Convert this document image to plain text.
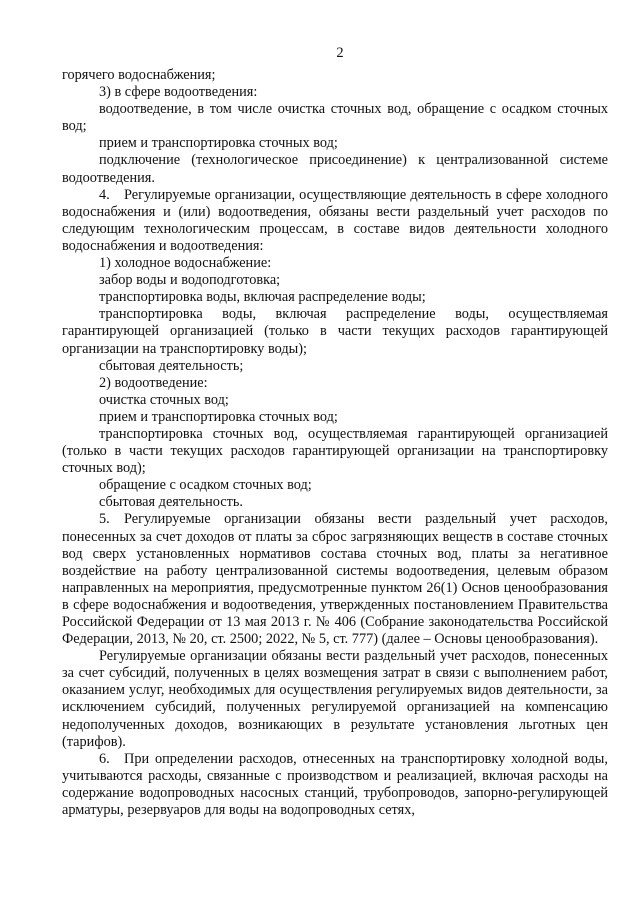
2

горячего водоснабжения;

3) в сфере водоотведения:

водоотведение, в том числе очистка сточных вод, обращение с осадком сточных вод;

прием и транспортировка сточных вод;

подключение (технологическое присоединение) к централизованной системе водоотведения.

4. Регулируемые организации, осуществляющие деятельность в сфере холодного водоснабжения и (или) водоотведения, обязаны вести раздельный учет расходов по следующим технологическим процессам, в составе видов деятельности холодного водоснабжения и водоотведения:

1) холодное водоснабжение:

забор воды и водоподготовка;

транспортировка воды, включая распределение воды;

транспортировка воды, включая распределение воды, осуществляемая гарантирующей организацией (только в части текущих расходов гарантирующей организации на транспортировку воды);

сбытовая деятельность;

2) водоотведение:

очистка сточных вод;

прием и транспортировка сточных вод;

транспортировка сточных вод, осуществляемая гарантирующей организацией (только в части текущих расходов гарантирующей организации на транспортировку сточных вод);

обращение с осадком сточных вод;

сбытовая деятельность.

5. Регулируемые организации обязаны вести раздельный учет расходов, понесенных за счет доходов от платы за сброс загрязняющих веществ в составе сточных вод сверх установленных нормативов состава сточных вод, платы за негативное воздействие на работу централизованной системы водоотведения, целевым образом направленных на мероприятия, предусмотренные пунктом 26(1) Основ ценообразования в сфере водоснабжения и водоотведения, утвержденных постановлением Правительства Российской Федерации от 13 мая 2013 г. № 406 (Собрание законодательства Российской Федерации, 2013, № 20, ст. 2500; 2022, № 5, ст. 777) (далее – Основы ценообразования).

Регулируемые организации обязаны вести раздельный учет расходов, понесенных за счет субсидий, полученных в целях возмещения затрат в связи с выполнением работ, оказанием услуг, необходимых для осуществления регулируемых видов деятельности, за исключением субсидий, полученных регулируемой организацией на компенсацию недополученных доходов, возникающих в результате установления льготных цен (тарифов).

6. При определении расходов, отнесенных на транспортировку холодной воды, учитываются расходы, связанные с производством и реализацией, включая расходы на содержание водопроводных насосных станций, трубопроводов, запорно-регулирующей арматуры, резервуаров для воды на водопроводных сетях,
